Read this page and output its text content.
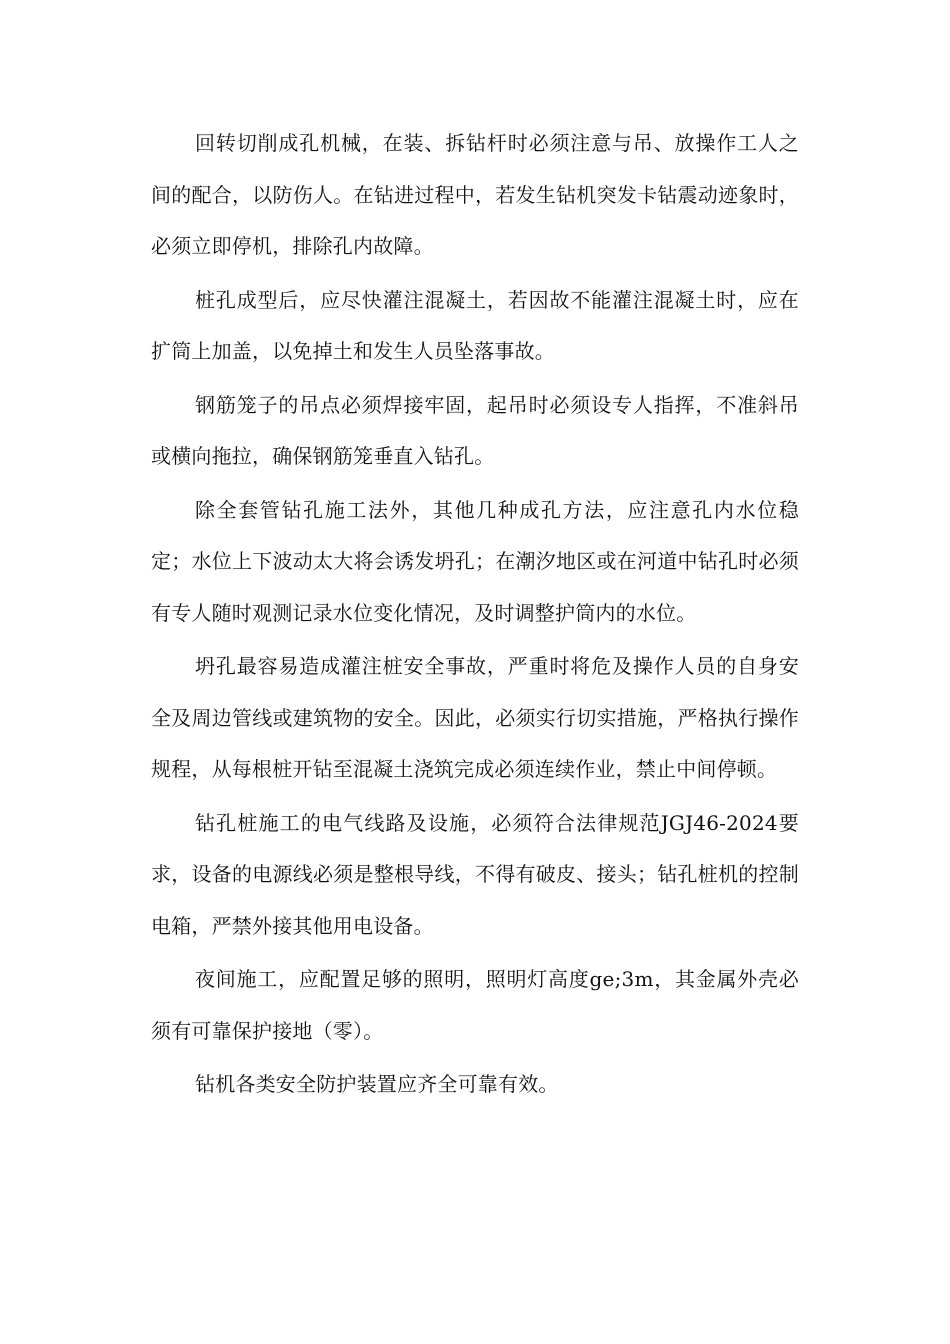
回转切削成孔机械，在装、拆钻杆时必须注意与吊、放操作工人之间的配合，以防伤人。在钻进过程中，若发生钻机突发卡钻震动迹象时，必须立即停机，排除孔内故障。

桩孔成型后，应尽快灌注混凝土，若因故不能灌注混凝土时，应在扩筒上加盖，以免掉土和发生人员坠落事故。

钢筋笼子的吊点必须焊接牢固，起吊时必须设专人指挥，不准斜吊或横向拖拉，确保钢筋笼垂直入钻孔。

除全套管钻孔施工法外，其他几种成孔方法，应注意孔内水位稳定；水位上下波动太大将会诱发坍孔；在潮汐地区或在河道中钻孔时必须有专人随时观测记录水位变化情况，及时调整护筒内的水位。

坍孔最容易造成灌注桩安全事故，严重时将危及操作人员的自身安全及周边管线或建筑物的安全。因此，必须实行切实措施，严格执行操作规程，从每根桩开钻至混凝土浇筑完成必须连续作业，禁止中间停顿。

钻孔桩施工的电气线路及设施，必须符合法律规范JGJ46-2024要求，设备的电源线必须是整根导线，不得有破皮、接头；钻孔桩机的控制电箱，严禁外接其他用电设备。

夜间施工，应配置足够的照明，照明灯高度ge;3m，其金属外壳必须有可靠保护接地（零）。

钻机各类安全防护装置应齐全可靠有效。
